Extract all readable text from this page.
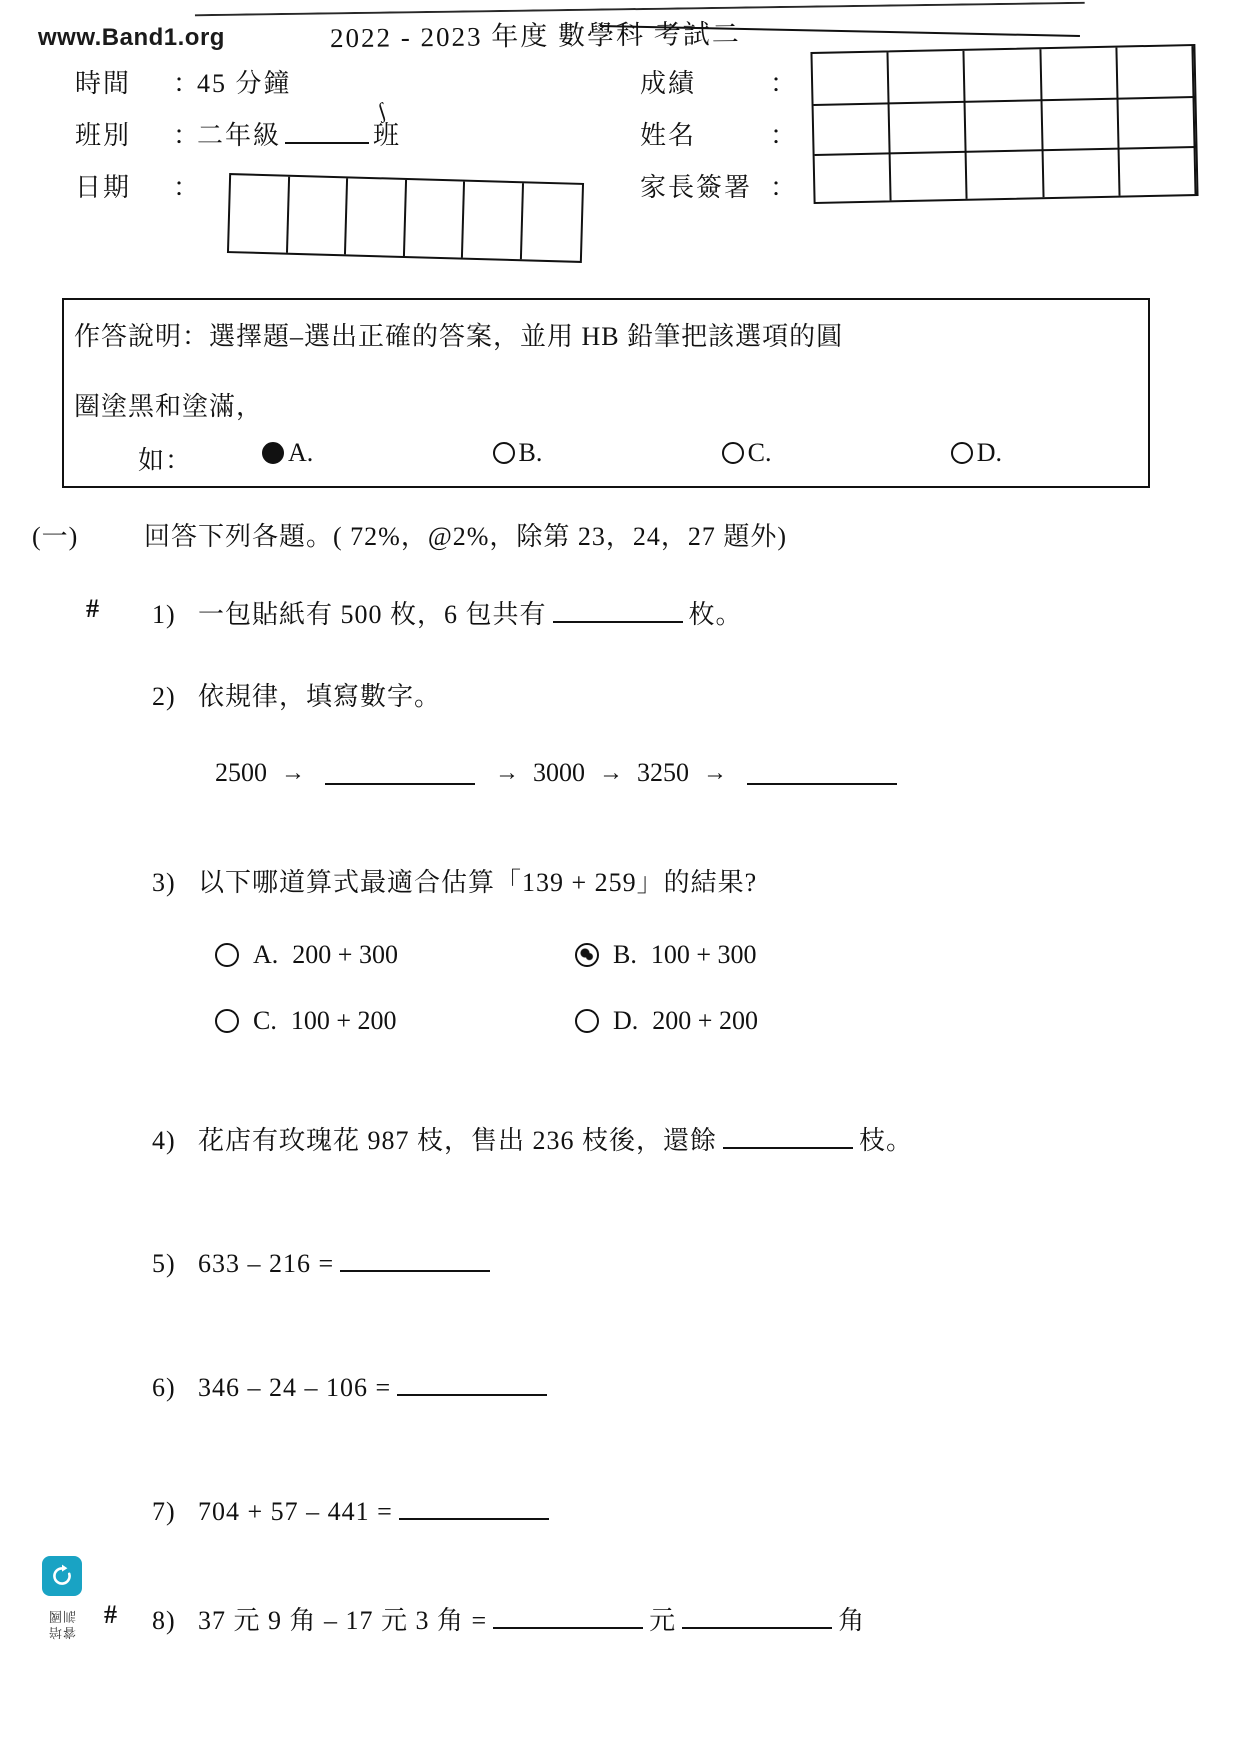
www.Band1.org	2022 - 2023 年度 數學科 考試二
時間 ：45 分鐘
班別 ：二年級	班
日期 ：
ʃ
成績	：
姓名	：
家長簽署 ：
作答說明：選擇題–選出正確的答案，並用 HB 鉛筆把該選項的圓
圈塗黑和塗滿，
如：	A.	B.	C.	D.
(一)	回答下列各題。( 72%，@2%，除第 23，24，27 題外)
# 1) 一包貼紙有 500 枚，6 包共有	枚。
2) 依規律，填寫數字。
2500 →	→ 3000 → 3250 →
3) 以下哪道算式最適合估算「139 + 259」的結果?
A. 200 + 300	B. 100 + 300
C. 100 + 200	D. 200 + 200
4) 花店有玫瑰花 987 枝，售出 236 枝後，還餘	枝。
5) 633 – 216 =
6) 346 – 24 – 106 =
7) 704 + 57 – 441 =
# 8) 37 元 9 角 – 17 元 3 角 =	元	角
睿培訓國
